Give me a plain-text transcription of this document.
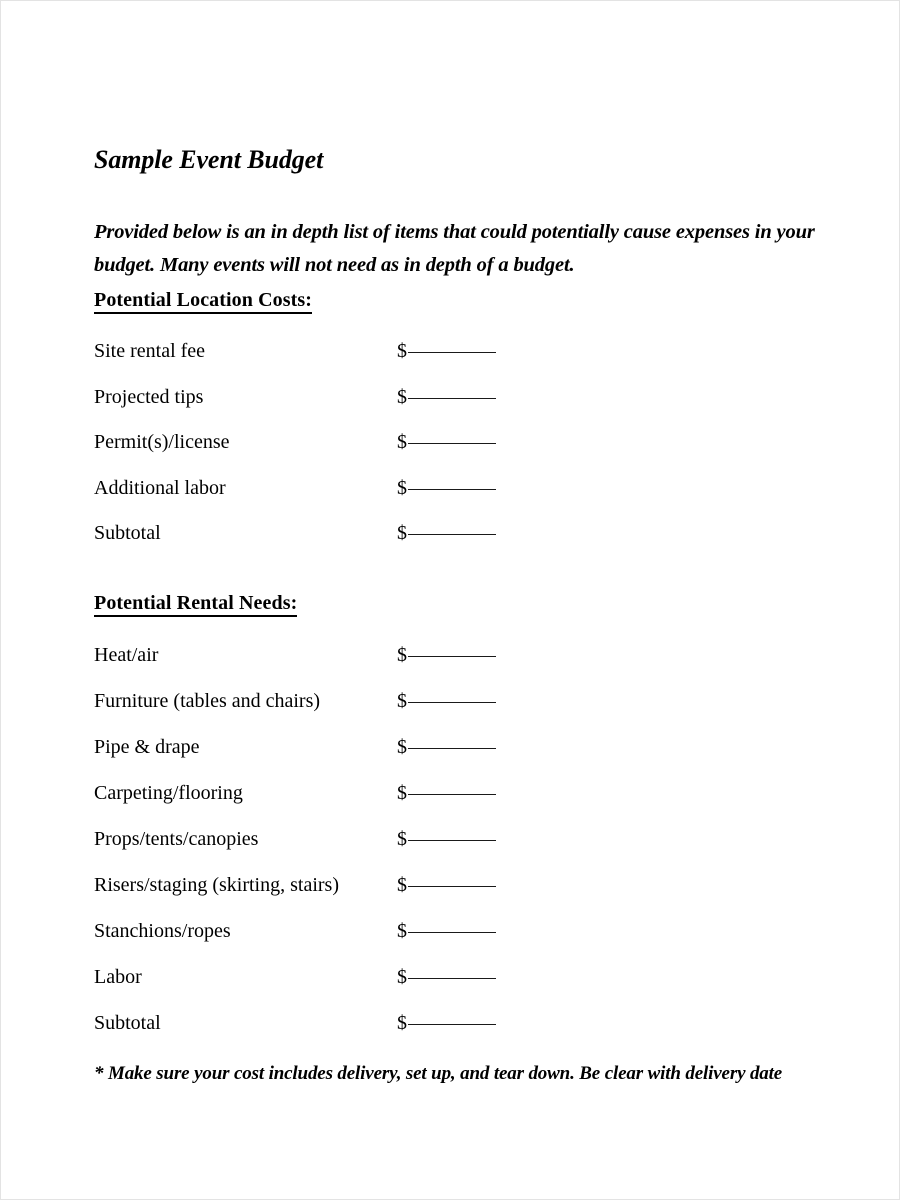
Sample Event Budget

Provided below is an in depth list of items that could potentially cause expenses in your budget. Many events will not need as in depth of a budget.

Potential Location Costs:
Site rental fee	$
Projected tips	$
Permit(s)/license	$
Additional labor	$
Subtotal	$
Potential Rental Needs:
Heat/air	$
Furniture (tables and chairs)	$
Pipe & drape	$
Carpeting/flooring	$
Props/tents/canopies	$
Risers/staging (skirting, stairs)	$
Stanchions/ropes	$
Labor	$
Subtotal	$

* Make sure your cost includes delivery, set up, and tear down. Be clear with delivery date
